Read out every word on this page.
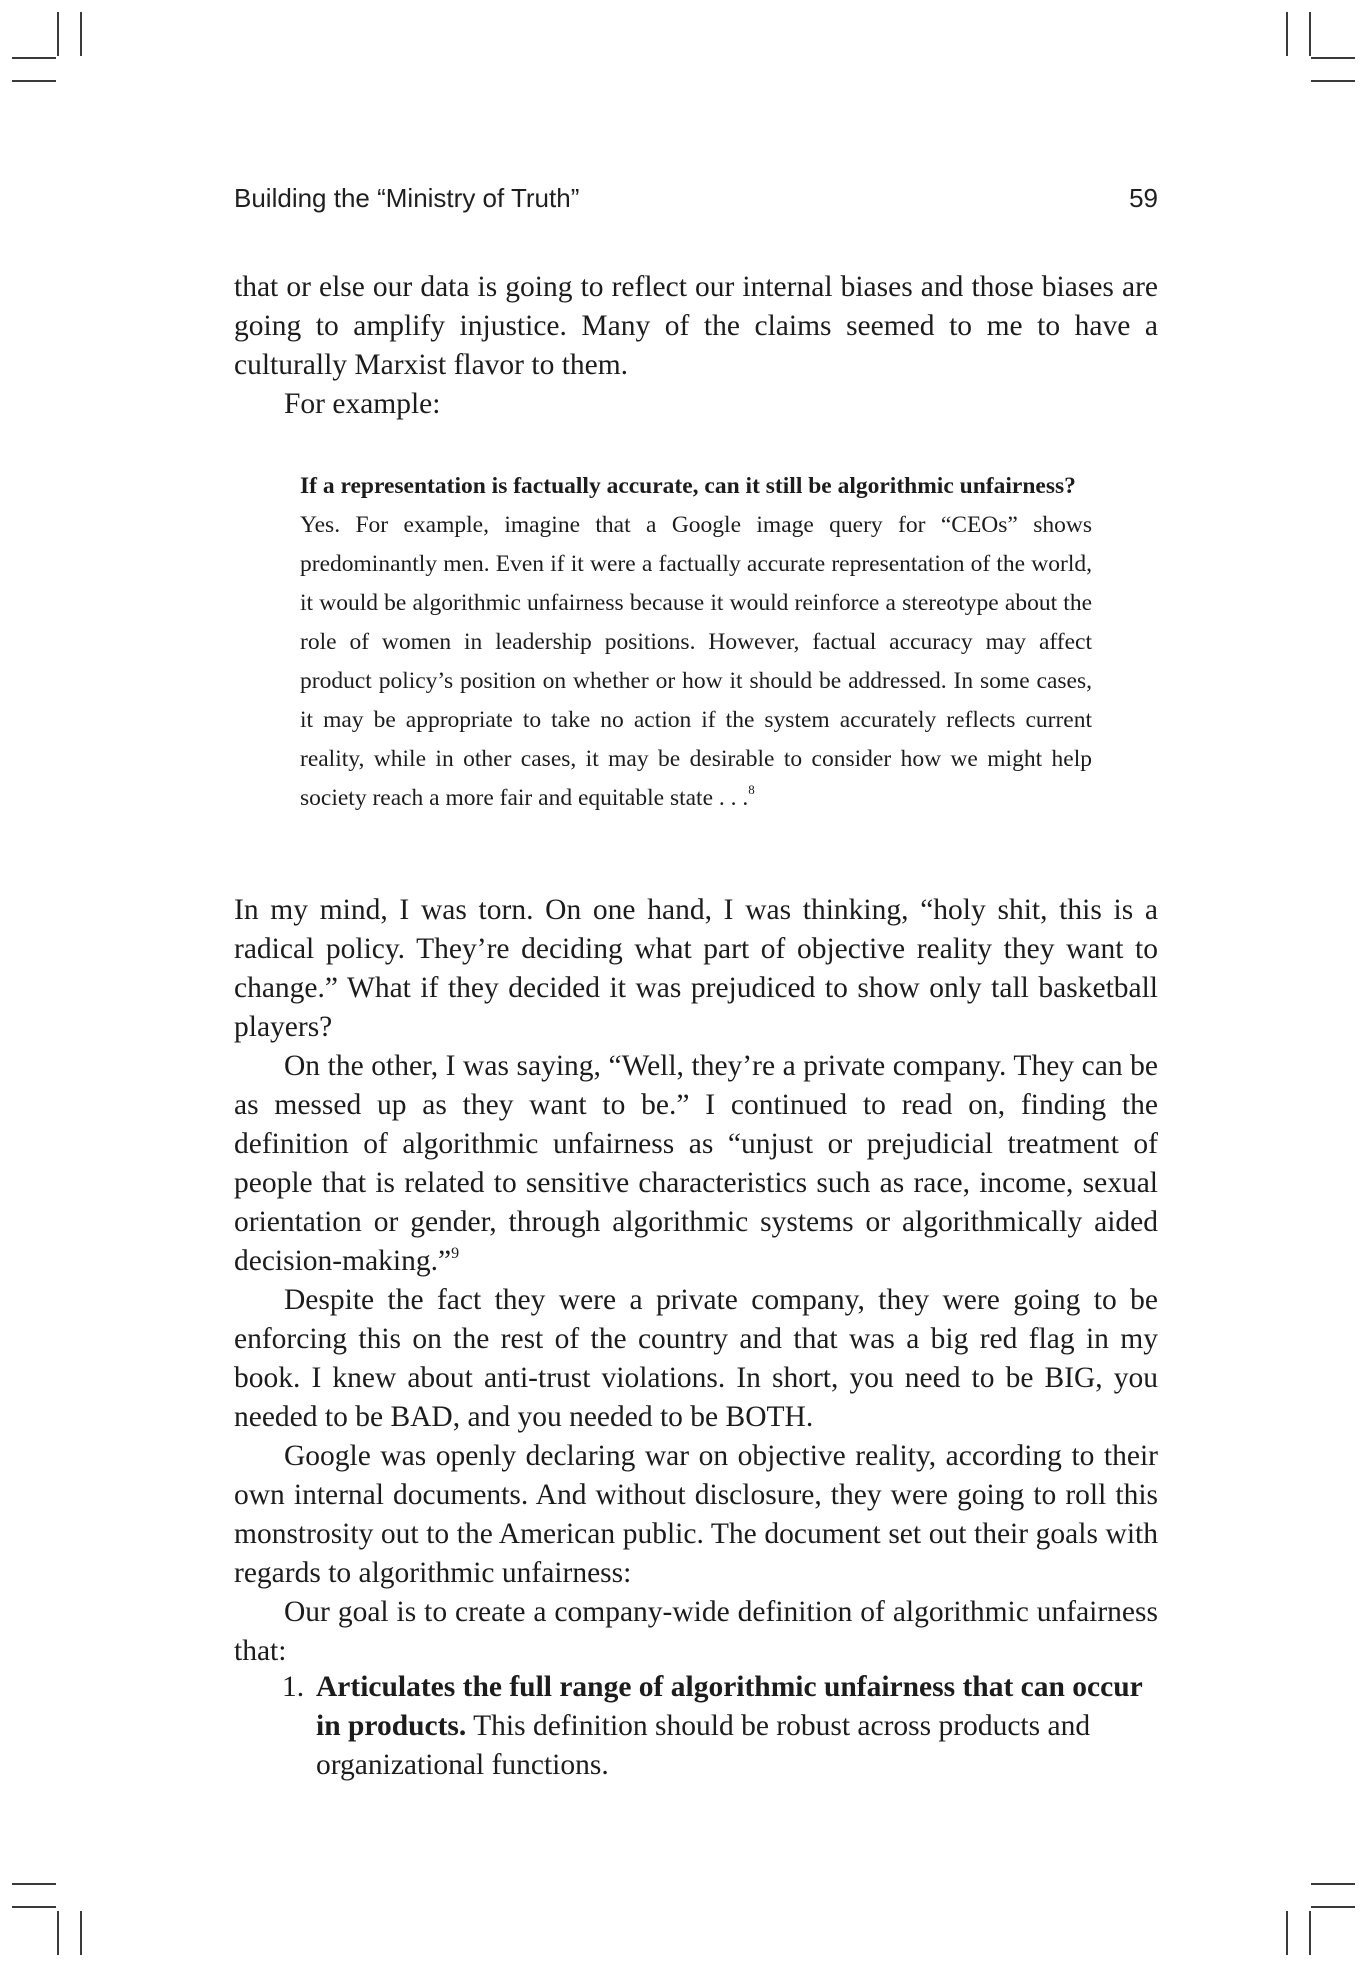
Building the “Ministry of Truth”	59

that or else our data is going to reflect our internal biases and those biases are going to amplify injustice. Many of the claims seemed to me to have a culturally Marxist flavor to them.

For example:

If a representation is factually accurate, can it still be algorithmic unfairness?

Yes. For example, imagine that a Google image query for “CEOs” shows predominantly men. Even if it were a factually accurate representation of the world, it would be algorithmic unfairness because it would reinforce a stereotype about the role of women in leadership positions. However, factual accuracy may affect product policy’s position on whether or how it should be addressed. In some cases, it may be appropriate to take no action if the system accurately reflects current reality, while in other cases, it may be desirable to consider how we might help society reach a more fair and equitable state . . .$^8$

In my mind, I was torn. On one hand, I was thinking, “holy shit, this is a radical policy. They’re deciding what part of objective reality they want to change.” What if they decided it was prejudiced to show only tall basketball players?

On the other, I was saying, “Well, they’re a private company. They can be as messed up as they want to be.” I continued to read on, finding the definition of algorithmic unfairness as “unjust or prejudicial treatment of people that is related to sensitive characteristics such as race, income, sexual orientation or gender, through algorithmic systems or algorithmically aided decision-making.”$^9$

Despite the fact they were a private company, they were going to be enforcing this on the rest of the country and that was a big red flag in my book. I knew about anti-trust violations. In short, you need to be BIG, you needed to be BAD, and you needed to be BOTH.

Google was openly declaring war on objective reality, according to their own internal documents. And without disclosure, they were going to roll this monstrosity out to the American public. The document set out their goals with regards to algorithmic unfairness:

Our goal is to create a company-wide definition of algorithmic unfairness that:

1. Articulates the full range of algorithmic unfairness that can occur in products. This definition should be robust across products and organizational functions.
